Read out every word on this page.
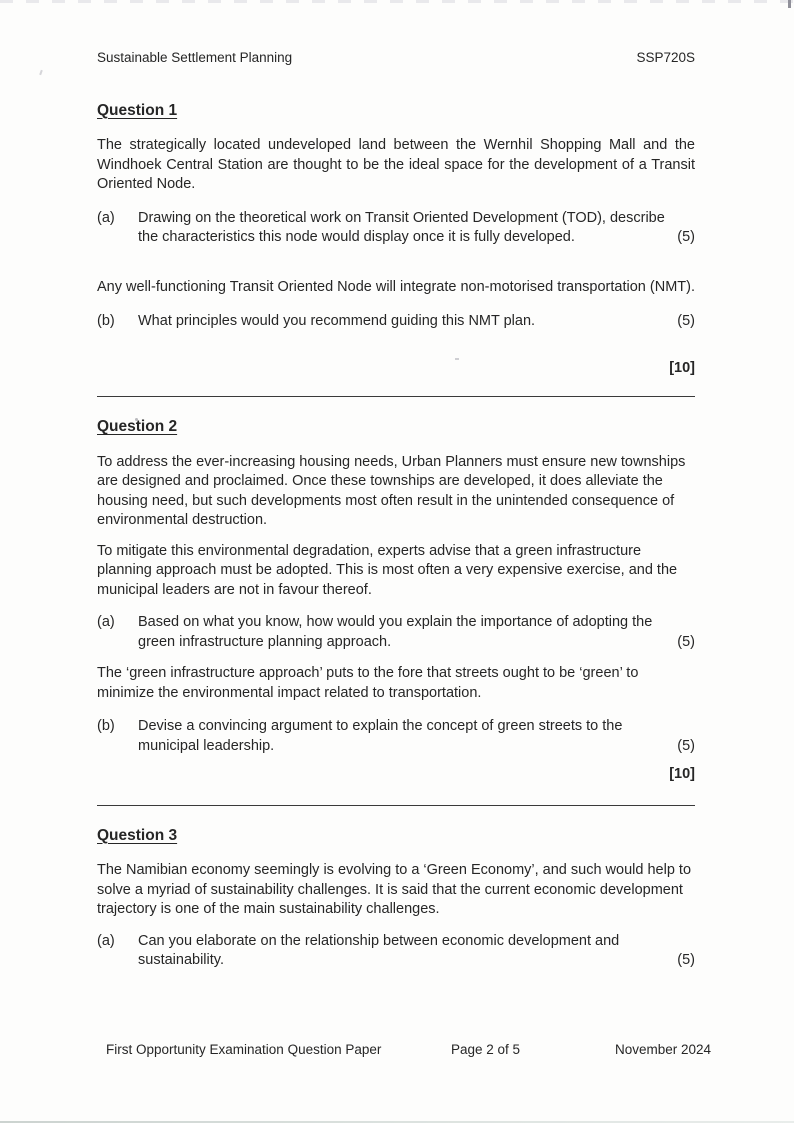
Sustainable Settlement Planning	SSP720S
Question 1

The strategically located undeveloped land between the Wernhil Shopping Mall and the Windhoek Central Station are thought to be the ideal space for the development of a Transit Oriented Node.

(a)	Drawing on the theoretical work on Transit Oriented Development (TOD), describe the characteristics this node would display once it is fully developed.	(5)

Any well-functioning Transit Oriented Node will integrate non-motorised transportation (NMT).

(b)	What principles would you recommend guiding this NMT plan.	(5)
[10]
Question 2

To address the ever-increasing housing needs, Urban Planners must ensure new townships are designed and proclaimed. Once these townships are developed, it does alleviate the housing need, but such developments most often result in the unintended consequence of environmental destruction.

To mitigate this environmental degradation, experts advise that a green infrastructure planning approach must be adopted. This is most often a very expensive exercise, and the municipal leaders are not in favour thereof.

(a)	Based on what you know, how would you explain the importance of adopting the green infrastructure planning approach.	(5)

The ‘green infrastructure approach’ puts to the fore that streets ought to be ‘green’ to minimize the environmental impact related to transportation.

(b)	Devise a convincing argument to explain the concept of green streets to the municipal leadership.	(5)
[10]
Question 3

The Namibian economy seemingly is evolving to a ‘Green Economy’, and such would help to solve a myriad of sustainability challenges. It is said that the current economic development trajectory is one of the main sustainability challenges.

(a)	Can you elaborate on the relationship between economic development and sustainability.	(5)
First Opportunity Examination Question Paper	Page 2 of 5	November 2024
